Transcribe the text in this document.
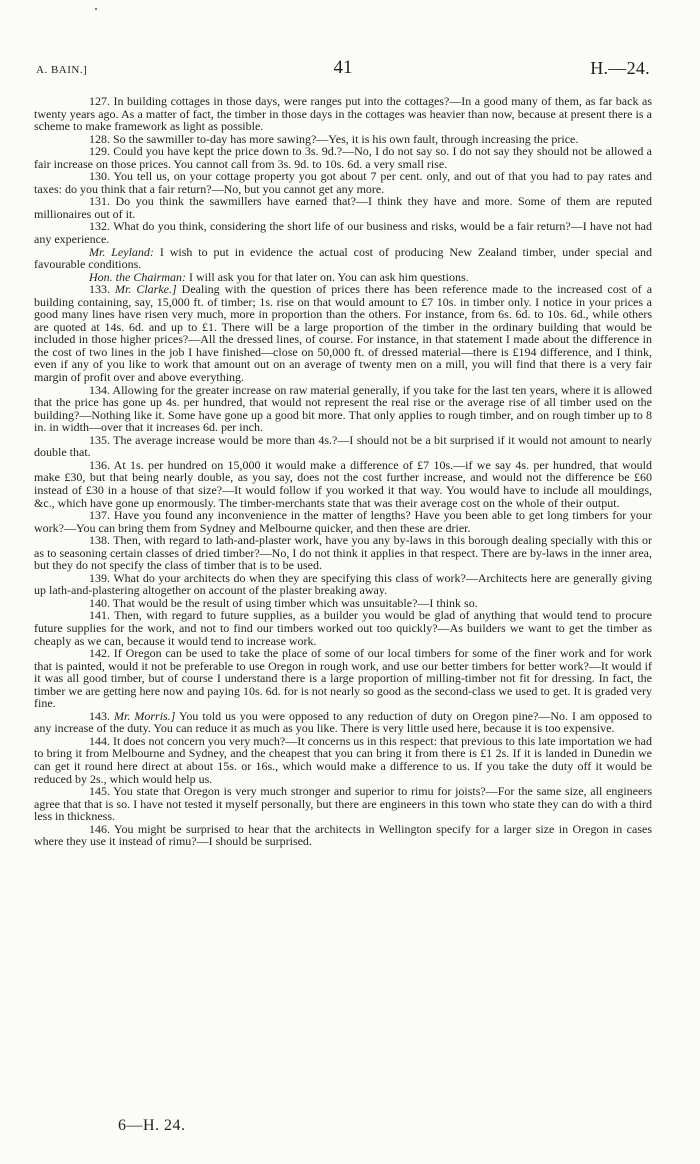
A. BAIN.]	41	H.—24.

127. In building cottages in those days, were ranges put into the cottages?—In a good many of them, as far back as twenty years ago. As a matter of fact, the timber in those days in the cottages was heavier than now, because at present there is a scheme to make framework as light as possible.

128. So the sawmiller to-day has more sawing?—Yes, it is his own fault, through increasing the price.

129. Could you have kept the price down to 3s. 9d.?—No, I do not say so. I do not say they should not be allowed a fair increase on those prices. You cannot call from 3s. 9d. to 10s. 6d. a very small rise.

130. You tell us, on your cottage property you got about 7 per cent. only, and out of that you had to pay rates and taxes: do you think that a fair return?—No, but you cannot get any more.

131. Do you think the sawmillers have earned that?—I think they have and more. Some of them are reputed millionaires out of it.

132. What do you think, considering the short life of our business and risks, would be a fair return?—I have not had any experience.

Mr. Leyland: I wish to put in evidence the actual cost of producing New Zealand timber, under special and favourable conditions.

Hon. the Chairman: I will ask you for that later on. You can ask him questions.

133. Mr. Clarke.] Dealing with the question of prices there has been reference made to the increased cost of a building containing, say, 15,000 ft. of timber; 1s. rise on that would amount to £7 10s. in timber only. I notice in your prices a good many lines have risen very much, more in proportion than the others. For instance, from 6s. 6d. to 10s. 6d., while others are quoted at 14s. 6d. and up to £1. There will be a large proportion of the timber in the ordinary building that would be included in those higher prices?—All the dressed lines, of course. For instance, in that statement I made about the difference in the cost of two lines in the job I have finished—close on 50,000 ft. of dressed material—there is £194 difference, and I think, even if any of you like to work that amount out on an average of twenty men on a mill, you will find that there is a very fair margin of profit over and above everything.

134. Allowing for the greater increase on raw material generally, if you take for the last ten years, where it is allowed that the price has gone up 4s. per hundred, that would not represent the real rise or the average rise of all timber used on the building?—Nothing like it. Some have gone up a good bit more. That only applies to rough timber, and on rough timber up to 8 in. in width—over that it increases 6d. per inch.

135. The average increase would be more than 4s.?—I should not be a bit surprised if it would not amount to nearly double that.

136. At 1s. per hundred on 15,000 it would make a difference of £7 10s.—if we say 4s. per hundred, that would make £30, but that being nearly double, as you say, does not the cost further increase, and would not the difference be £60 instead of £30 in a house of that size?—It would follow if you worked it that way. You would have to include all mouldings, &c., which have gone up enormously. The timber-merchants state that was their average cost on the whole of their output.

137. Have you found any inconvenience in the matter of lengths? Have you been able to get long timbers for your work?—You can bring them from Sydney and Melbourne quicker, and then these are drier.

138. Then, with regard to lath-and-plaster work, have you any by-laws in this borough dealing specially with this or as to seasoning certain classes of dried timber?—No, I do not think it applies in that respect. There are by-laws in the inner area, but they do not specify the class of timber that is to be used.

139. What do your architects do when they are specifying this class of work?—Architects here are generally giving up lath-and-plastering altogether on account of the plaster breaking away.

140. That would be the result of using timber which was unsuitable?—I think so.

141. Then, with regard to future supplies, as a builder you would be glad of anything that would tend to procure future supplies for the work, and not to find our timbers worked out too quickly?—As builders we want to get the timber as cheaply as we can, because it would tend to increase work.

142. If Oregon can be used to take the place of some of our local timbers for some of the finer work and for work that is painted, would it not be preferable to use Oregon in rough work, and use our better timbers for better work?—It would if it was all good timber, but of course I understand there is a large proportion of milling-timber not fit for dressing. In fact, the timber we are getting here now and paying 10s. 6d. for is not nearly so good as the second-class we used to get. It is graded very fine.

143. Mr. Morris.] You told us you were opposed to any reduction of duty on Oregon pine?—No. I am opposed to any increase of the duty. You can reduce it as much as you like. There is very little used here, because it is too expensive.

144. It does not concern you very much?—It concerns us in this respect: that previous to this late importation we had to bring it from Melbourne and Sydney, and the cheapest that you can bring it from there is £1 2s. If it is landed in Dunedin we can get it round here direct at about 15s. or 16s., which would make a difference to us. If you take the duty off it would be reduced by 2s., which would help us.

145. You state that Oregon is very much stronger and superior to rimu for joists?—For the same size, all engineers agree that that is so. I have not tested it myself personally, but there are engineers in this town who state they can do with a third less in thickness.

146. You might be surprised to hear that the architects in Wellington specify for a larger size in Oregon in cases where they use it instead of rimu?—I should be surprised.

6—H. 24.
